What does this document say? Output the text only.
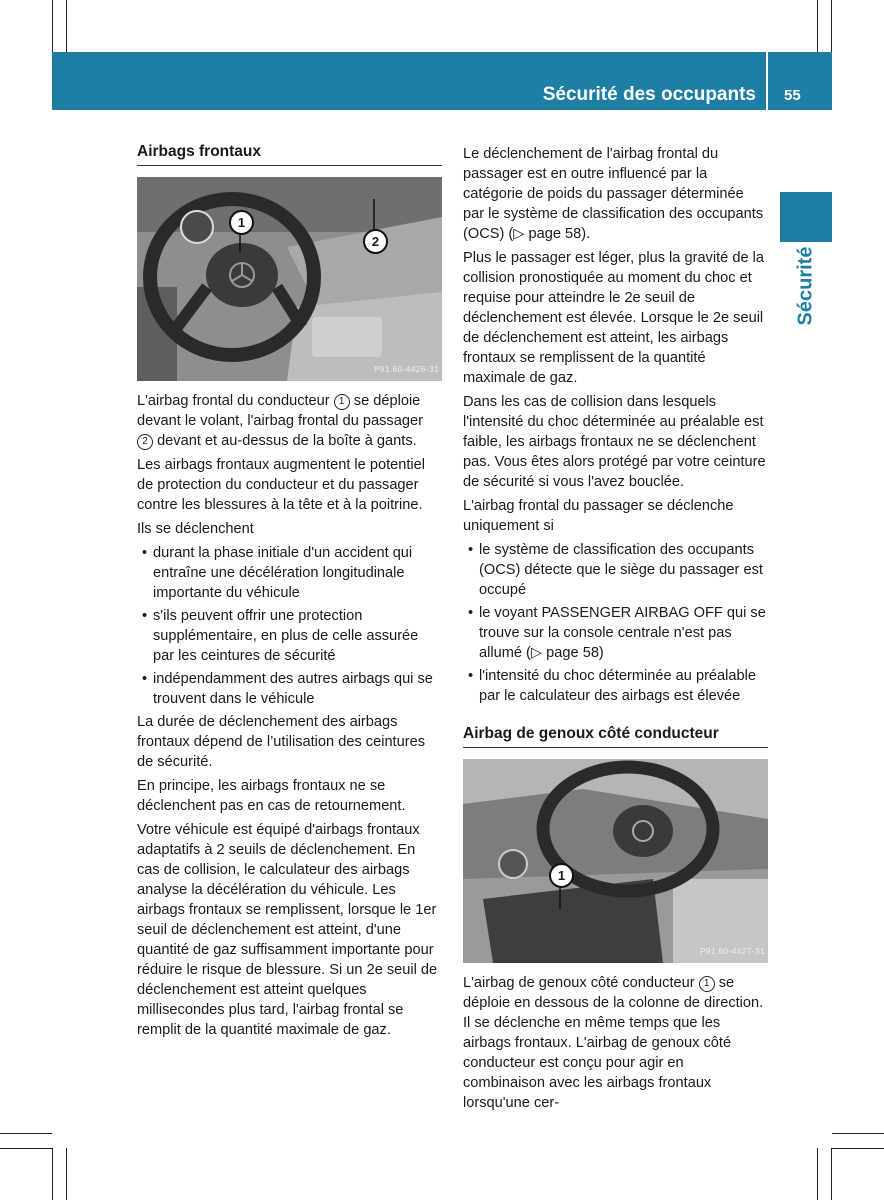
Sécurité des occupants 55
Sécurité
Airbags frontaux
1
2
P91.60-4426-31

L'airbag frontal du conducteur 1 se déploie devant le volant, l'airbag frontal du passager 2 devant et au-dessus de la boîte à gants.

Les airbags frontaux augmentent le potentiel de protection du conducteur et du passager contre les blessures à la tête et à la poitrine.

Ils se déclenchent

• durant la phase initiale d'un accident qui entraîne une décélération longitudinale importante du véhicule
• s'ils peuvent offrir une protection supplémentaire, en plus de celle assurée par les ceintures de sécurité
• indépendamment des autres airbags qui se trouvent dans le véhicule

La durée de déclenchement des airbags frontaux dépend de l’utilisation des ceintures de sécurité.

En principe, les airbags frontaux ne se déclenchent pas en cas de retournement.

Votre véhicule est équipé d'airbags frontaux adaptatifs à 2 seuils de déclenchement. En cas de collision, le calculateur des airbags analyse la décélération du véhicule. Les airbags frontaux se remplissent, lorsque le 1er seuil de déclenchement est atteint, d'une quantité de gaz suffisamment importante pour réduire le risque de blessure. Si un 2e seuil de déclenchement est atteint quelques millisecondes plus tard, l'airbag frontal se remplit de la quantité maximale de gaz.

Le déclenchement de l'airbag frontal du passager est en outre influencé par la catégorie de poids du passager déterminée par le système de classification des occupants (OCS) (▷ page 58).

Plus le passager est léger, plus la gravité de la collision pronostiquée au moment du choc et requise pour atteindre le 2e seuil de déclenchement est élevée. Lorsque le 2e seuil de déclenchement est atteint, les airbags frontaux se remplissent de la quantité maximale de gaz.

Dans les cas de collision dans lesquels l'intensité du choc déterminée au préalable est faible, les airbags frontaux ne se déclenchent pas. Vous êtes alors protégé par votre ceinture de sécurité si vous l'avez bouclée.

L'airbag frontal du passager se déclenche uniquement si

• le système de classification des occupants (OCS) détecte que le siège du passager est occupé
• le voyant PASSENGER AIRBAG OFF qui se trouve sur la console centrale n'est pas allumé (▷ page 58)
• l'intensité du choc déterminée au préalable par le calculateur des airbags est élevée
Airbag de genoux côté conducteur
1
P91.60-4427-31

L'airbag de genoux côté conducteur 1 se déploie en dessous de la colonne de direction. Il se déclenche en même temps que les airbags frontaux. L'airbag de genoux côté conducteur est conçu pour agir en combinaison avec les airbags frontaux lorsqu'une cer-
